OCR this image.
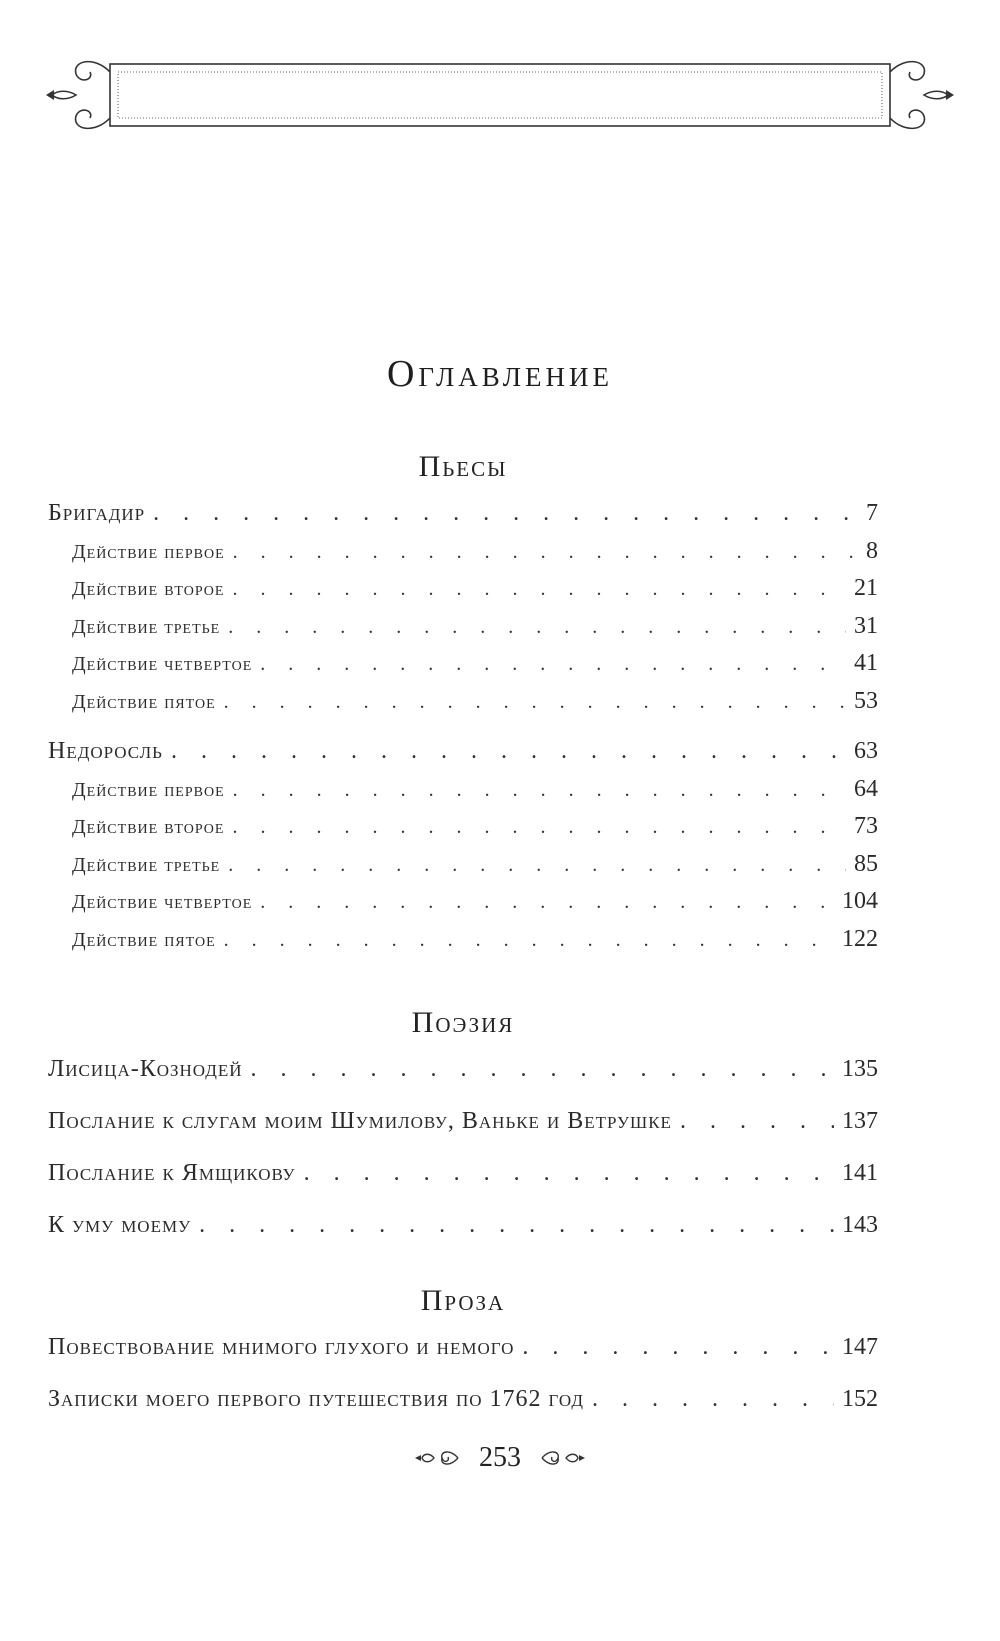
Оглавление
Пьесы
Бригадир . . .	7
Действие первое . . .	8
Действие второе . . .	21
Действие третье . . .	31
Действие четвертое . . .	41
Действие пятое . . .	53
Недоросль . . .	63
Действие первое . . .	64
Действие второе . . .	73
Действие третье . . .	85
Действие четвертое . . .	104
Действие пятое . . .	122
Поэзия
Лисица-Кознодей . . .	135
Послание к слугам моим Шумилову, Ваньке и Ветрушке . . .	137
Послание к Ямщикову . . .	141
К уму моему . . .	143
Проза
Повествование мнимого глухого и немого . . .	147
Записки моего первого путешествия по 1762 год . . .	152
253
